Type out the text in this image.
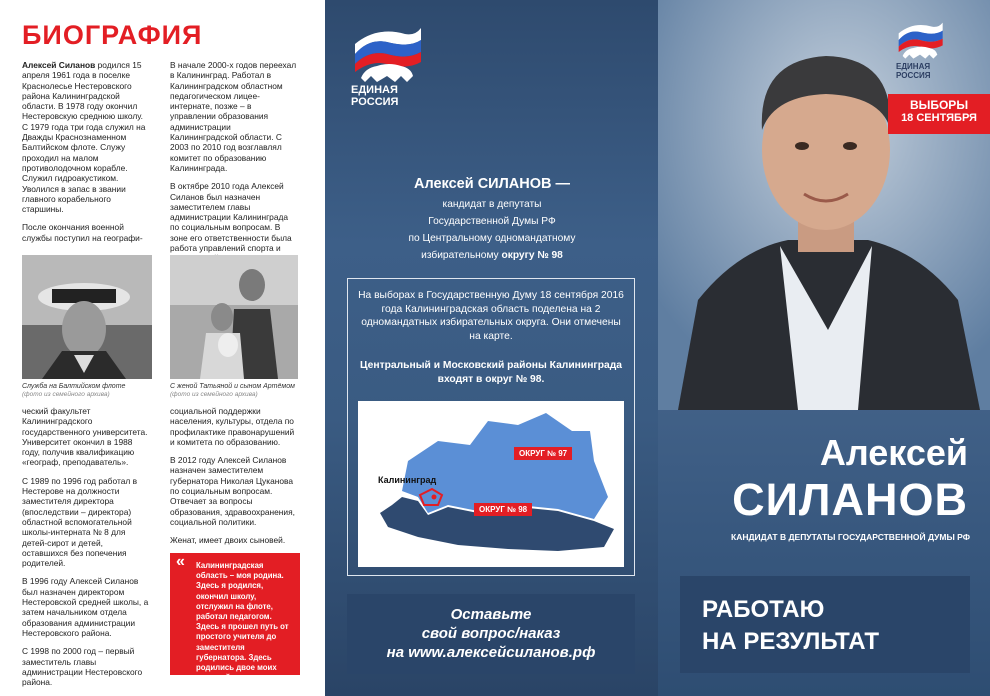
БИОГРАФИЯ

Алексей Силанов родился 15 апреля 1961 года в поселке Краснолесье Нестеровского района Калининградской области. В 1978 году окончил Нестеровскую среднюю школу. С 1979 года три года служил на Дважды Краснознаменном Балтийском флоте. Служу проходил на малом противолодочном корабле. Служил гидроакустиком. Уволился в запас в звании главного корабельного старшины.

После окончания военной службы поступил на географи-

В начале 2000-х годов переехал в Калининград. Работал в Калининградском областном педагогическом лицее-интернате, позже – в управлении образования администрации Калининградской области. С 2003 по 2010 год возглавлял комитет по образованию Калининграда.

В октябре 2010 года Алексей Силанов был назначен заместителем главы администрации Калининграда по социальным вопросам. В зоне его ответственности была работа управлений спорта и

Служба на Балтийском флоте
(фото из семейного архива)
С женой Татьяной и сыном Артёмом
(фото из семейного архива)

ческий факультет Калининградского государственного университета. Университет окончил в 1988 году, получив квалификацию «географ, преподаватель».

С 1989 по 1996 год работал в Нестерове на должности заместителя директора (впоследствии – директора) областной вспомогательной школы-интерната № 8 для детей-сирот и детей, оставшихся без попечения родителей.

В 1996 году Алексей Силанов был назначен директором Нестеровской средней школы, а затем начальником отдела образования администрации Нестеровского района.

С 1998 по 2000 год – первый заместитель главы администрации Нестеровского района.

социальной поддержки населения, культуры, отдела по профилактике правонарушений и комитета по образованию.

В 2012 году Алексей Силанов назначен заместителем губернатора Николая Цуканова по социальным вопросам. Отвечает за вопросы образования, здравоохранения, социальной политики.

Женат, имеет двоих сыновей.

« Калининградская область – моя родина. Здесь я родился, окончил школу, отслужил на флоте, работал педагогом. Здесь я прошел путь от простого учителя до заместителя губернатора. Здесь родились двое моих сыновей.
ЕДИНАЯ
РОССИЯ
Алексей СИЛАНОВ —
кандидат в депутаты
Государственной Думы РФ
по Центральному одномандатному
избирательному округу № 98
На выборах в Государственную Думу 18 сентября 2016 года Калининградская область поделена на 2 одномандатных избирательных округа. Они отмечены на карте.
Центральный и Московский районы Калининграда входят в округ № 98.
ОКРУГ № 97
ОКРУГ № 98
Калининград
Оставьте
свой вопрос/наказ
на www.алексейсиланов.рф
ЕДИНАЯ
РОССИЯ
ВЫБОРЫ
18 СЕНТЯБРЯ
Алексей
СИЛАНОВ
КАНДИДАТ В ДЕПУТАТЫ ГОСУДАРСТВЕННОЙ ДУМЫ РФ
РАБОТАЮ
НА РЕЗУЛЬТАТ
